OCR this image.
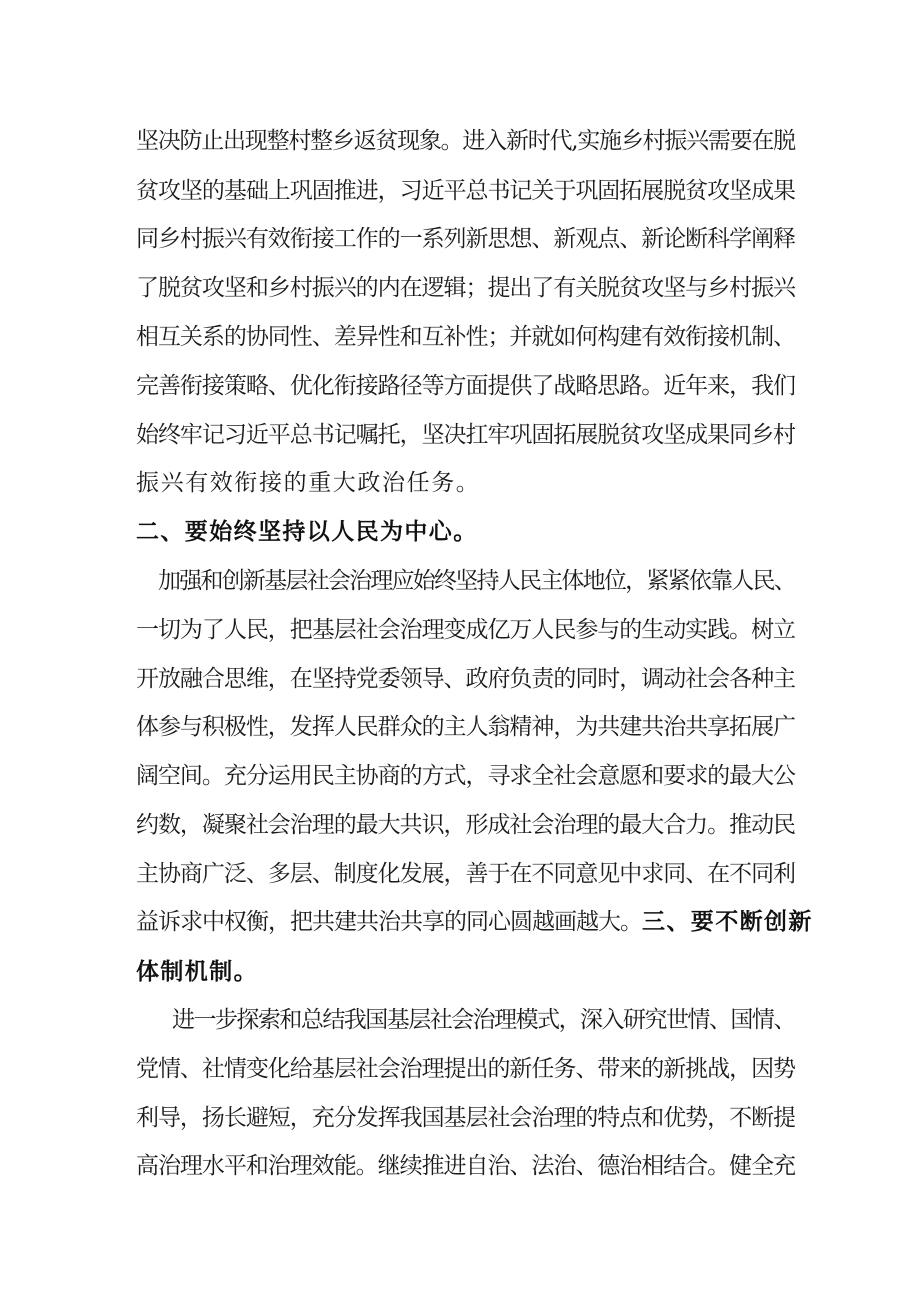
坚决防止出现整村整乡返贫现象。进入新时代,实施乡村振兴需要在脱
贫攻坚的基础上巩固推进，习近平总书记关于巩固拓展脱贫攻坚成果
同乡村振兴有效衔接工作的一系列新思想、新观点、新论断科学阐释
了脱贫攻坚和乡村振兴的内在逻辑；提出了有关脱贫攻坚与乡村振兴
相互关系的协同性、差异性和互补性；并就如何构建有效衔接机制、
完善衔接策略、优化衔接路径等方面提供了战略思路。近年来，我们
始终牢记习近平总书记嘱托，坚决扛牢巩固拓展脱贫攻坚成果同乡村
振兴有效衔接的重大政治任务。
二、要始终坚持以人民为中心。
加强和创新基层社会治理应始终坚持人民主体地位，紧紧依靠人民、
一切为了人民，把基层社会治理变成亿万人民参与的生动实践。树立
开放融合思维，在坚持党委领导、政府负责的同时，调动社会各种主
体参与积极性，发挥人民群众的主人翁精神，为共建共治共享拓展广
阔空间。充分运用民主协商的方式，寻求全社会意愿和要求的最大公
约数，凝聚社会治理的最大共识，形成社会治理的最大合力。推动民
主协商广泛、多层、制度化发展，善于在不同意见中求同、在不同利
益诉求中权衡，把共建共治共享的同心圆越画越大。三、要不断创新
体制机制。
进一步探索和总结我国基层社会治理模式，深入研究世情、国情、
党情、社情变化给基层社会治理提出的新任务、带来的新挑战，因势
利导，扬长避短，充分发挥我国基层社会治理的特点和优势，不断提
高治理水平和治理效能。继续推进自治、法治、德治相结合。健全充
